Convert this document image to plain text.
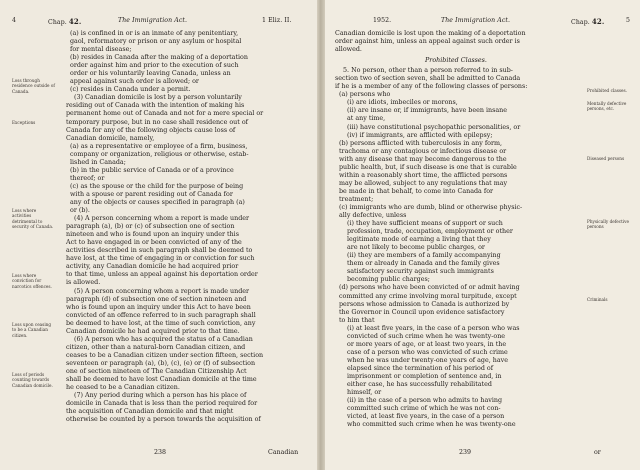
4	Chap. 42.	The Immigration Act.	1 Eliz. II.
Loss through residence outside of Canada.
Exceptions
Loss where activities detrimental to security of Canada.
Loss where conviction for narcotics offences.
Loss upon ceasing to be a Canadian citizen.
Loss of periods counting towards Canadian domicile.

(a) is confined in or is an inmate of any penitentiary,

gaol, reformatory or prison or any asylum or hospital

for mental disease;

(b) resides in Canada after the making of a deportation

order against him and prior to the execution of such

order or his voluntarily leaving Canada, unless an

appeal against such order is allowed; or

(c) resides in Canada under a permit.

(3) Canadian domicile is lost by a person voluntarily

residing out of Canada with the intention of making his

permanent home out of Canada and not for a mere special or

temporary purpose, but in no case shall residence out of

Canada for any of the following objects cause loss of

Canadian domicile, namely,

(a) as a representative or employee of a firm, business,

company or organization, religious or otherwise, estab-

lished in Canada;

(b) in the public service of Canada or of a province

thereof; or

(c) as the spouse or the child for the purpose of being

with a spouse or parent residing out of Canada for

any of the objects or causes specified in paragraph (a)

or (b).

(4) A person concerning whom a report is made under

paragraph (a), (b) or (c) of subsection one of section

nineteen and who is found upon an inquiry under this

Act to have engaged in or been convicted of any of the

activities described in such paragraph shall be deemed to

have lost, at the time of engaging in or conviction for such

activity, any Canadian domicile he had acquired prior

to that time, unless an appeal against his deportation order

is allowed.

(5) A person concerning whom a report is made under

paragraph (d) of subsection one of section nineteen and

who is found upon an inquiry under this Act to have been

convicted of an offence referred to in such paragraph shall

be deemed to have lost, at the time of such conviction, any

Canadian domicile he had acquired prior to that time.

(6) A person who has acquired the status of a Canadian

citizen, other than a natural-born Canadian citizen, and

ceases to be a Canadian citizen under section fifteen, section

seventeen or paragraph (a), (b), (c), (e) or (f) of subsection

one of section nineteen of The Canadian Citizenship Act

shall be deemed to have lost Canadian domicile at the time

he ceased to be a Canadian citizen.

(7) Any period during which a person has his place of

domicile in Canada that is less than the period required for

the acquisition of Canadian domicile and that might

otherwise be counted by a person towards the acquisition of

238	Canadian
1952.	The Immigration Act.	Chap. 42.	5
Prohibited classes.
Mentally defective persons, etc.
Diseased persons
Physically defective persons
Criminals

Canadian domicile is lost upon the making of a deportation

order against him, unless an appeal against such order is

allowed.

Prohibited Classes.

5. No person, other than a person referred to in sub-

section two of section seven, shall be admitted to Canada

if he is a member of any of the following classes of persons:

(a) persons who

(i) are idiots, imbeciles or morons,

(ii) are insane or, if immigrants, have been insane

at any time,

(iii) have constitutional psychopathic personalities, or

(iv) if immigrants, are afflicted with epilepsy;

(b) persons afflicted with tuberculosis in any form,

trachoma or any contagious or infectious disease or

with any disease that may become dangerous to the

public health, but, if such disease is one that is curable

within a reasonably short time, the afflicted persons

may be allowed, subject to any regulations that may

be made in that behalf, to come into Canada for

treatment;

(c) immigrants who are dumb, blind or otherwise physic-

ally defective, unless

(i) they have sufficient means of support or such

profession, trade, occupation, employment or other

legitimate mode of earning a living that they

are not likely to become public charges, or

(ii) they are members of a family accompanying

them or already in Canada and the family gives

satisfactory security against such immigrants

becoming public charges;

(d) persons who have been convicted of or admit having

committed any crime involving moral turpitude, except

persons whose admission to Canada is authorized by

the Governor in Council upon evidence satisfactory

to him that

(i) at least five years, in the case of a person who was

convicted of such crime when he was twenty-one

or more years of age, or at least two years, in the

case of a person who was convicted of such crime

when he was under twenty-one years of age, have

elapsed since the termination of his period of

imprisonment or completion of sentence and, in

either case, he has successfully rehabilitated

himself, or

(ii) in the case of a person who admits to having

committed such crime of which he was not con-

victed, at least five years, in the case of a person

who committed such crime when he was twenty-one

239	or
